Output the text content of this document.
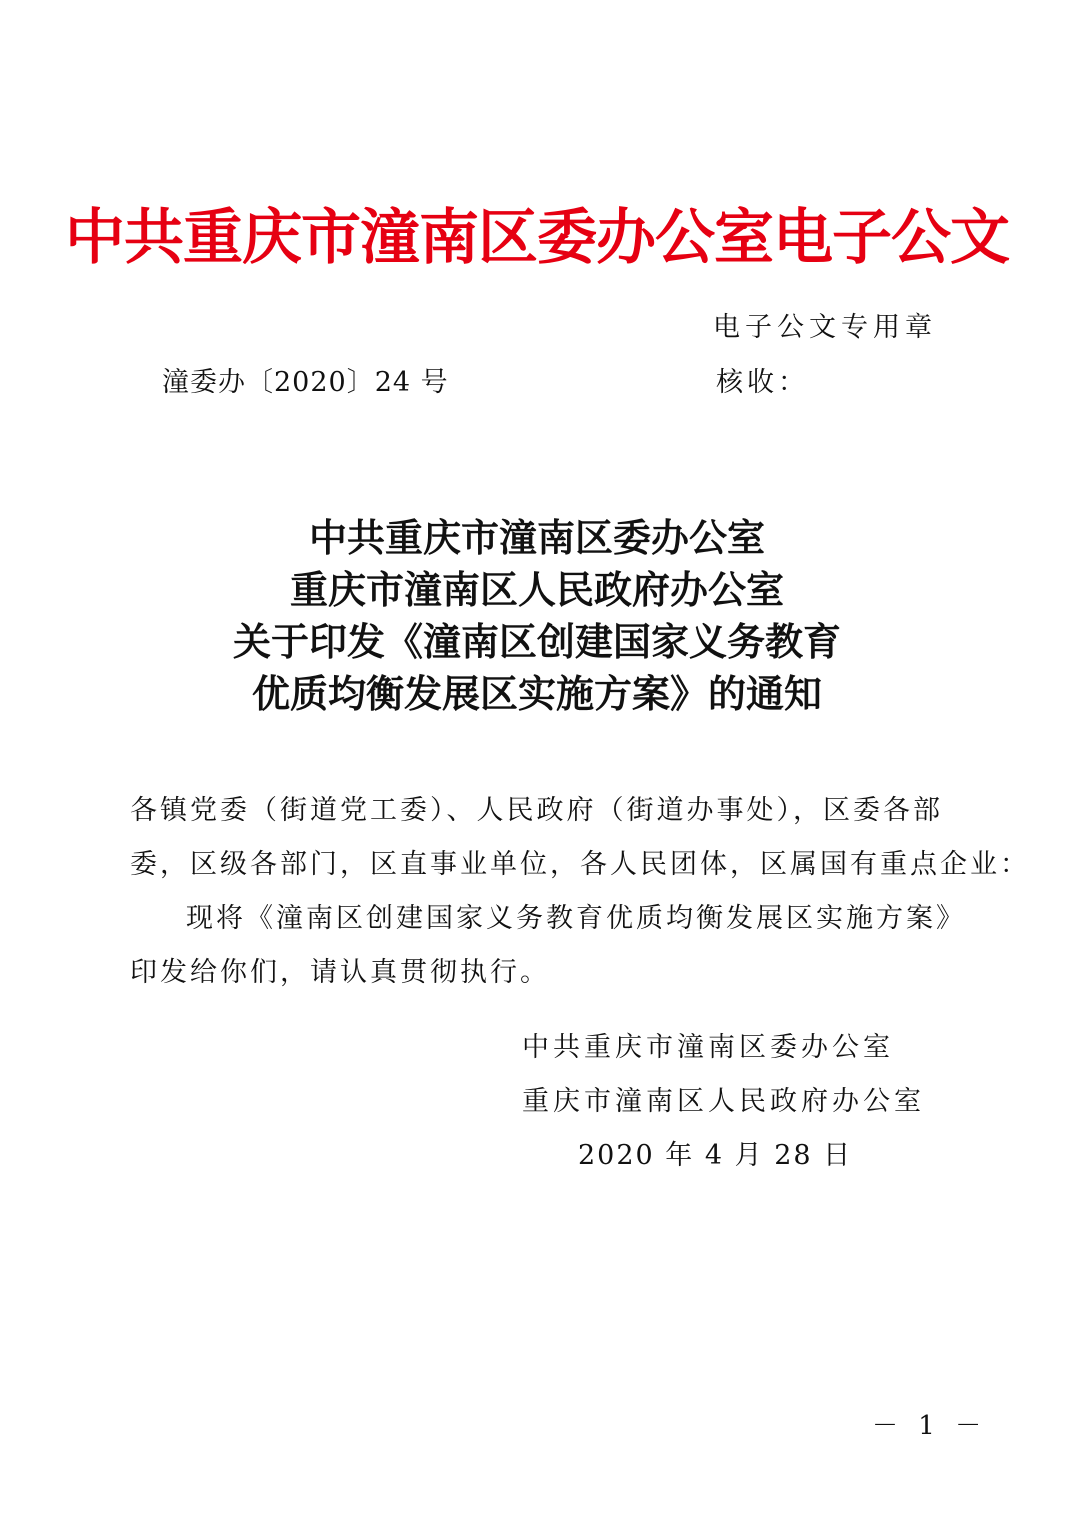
中共重庆市潼南区委办公室电子公文
电子公文专用章
潼委办〔2020〕24 号	核收：
中共重庆市潼南区委办公室
重庆市潼南区人民政府办公室
关于印发《潼南区创建国家义务教育
优质均衡发展区实施方案》的通知
各镇党委（街道党工委）、人民政府（街道办事处），区委各部
委，区级各部门，区直事业单位，各人民团体，区属国有重点企业：
现将《潼南区创建国家义务教育优质均衡发展区实施方案》
印发给你们，请认真贯彻执行。
中共重庆市潼南区委办公室
重庆市潼南区人民政府办公室
2020 年 4 月 28 日
－ 1 －
